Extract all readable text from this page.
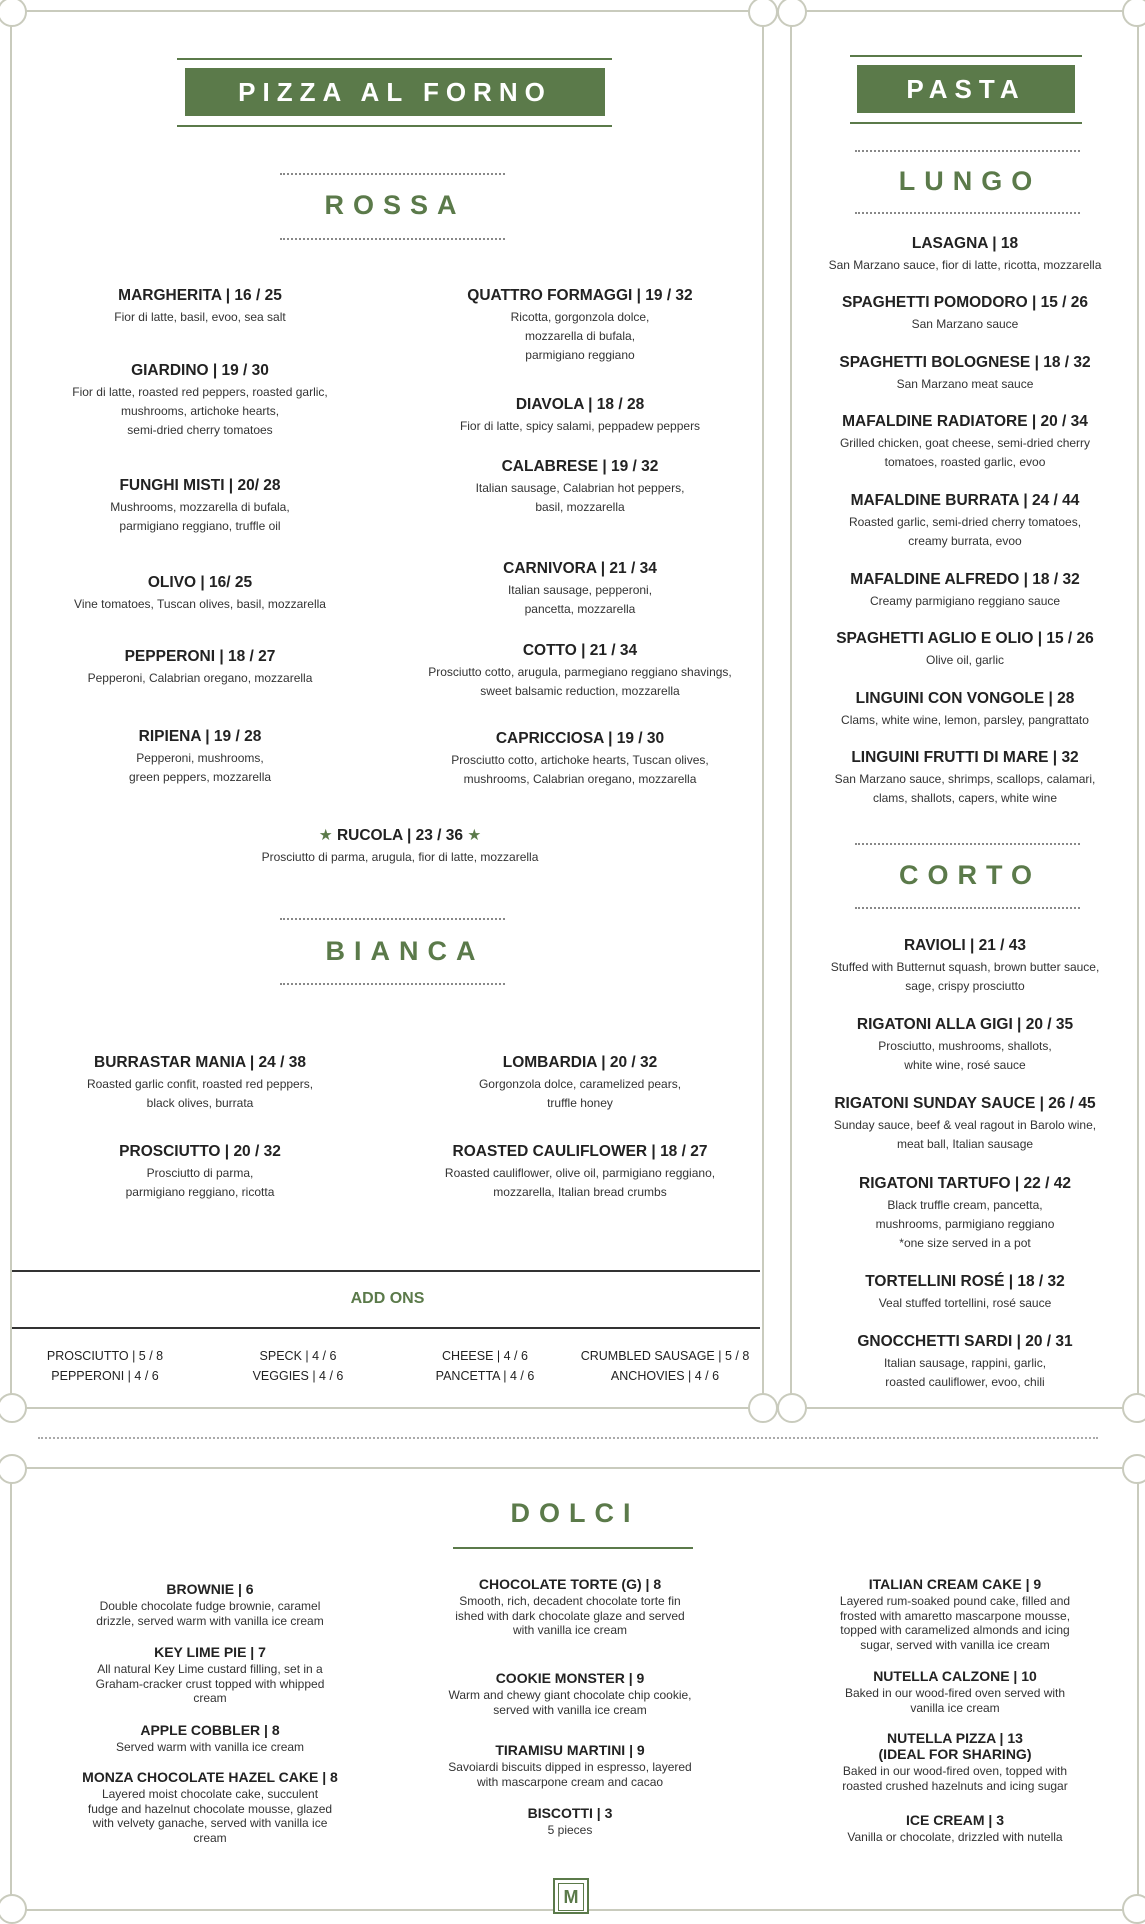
PIZZA AL FORNO
ROSSA
MARGHERITA | 16 / 25
Fior di latte, basil, evoo, sea salt
GIARDINO | 19 / 30
Fior di latte, roasted red peppers, roasted garlic,
mushrooms, artichoke hearts,
semi-dried cherry tomatoes
FUNGHI MISTI | 20/ 28
Mushrooms, mozzarella di bufala,
parmigiano reggiano, truffle oil
OLIVO | 16/ 25
Vine tomatoes, Tuscan olives, basil, mozzarella
PEPPERONI | 18 / 27
Pepperoni, Calabrian oregano, mozzarella
RIPIENA | 19 / 28
Pepperoni, mushrooms,
green peppers, mozzarella
QUATTRO FORMAGGI | 19 / 32
Ricotta, gorgonzola dolce,
mozzarella di bufala,
parmigiano reggiano
DIAVOLA | 18 / 28
Fior di latte, spicy salami, peppadew peppers
CALABRESE | 19 / 32
Italian sausage, Calabrian hot peppers,
basil, mozzarella
CARNIVORA | 21 / 34
Italian sausage, pepperoni,
pancetta, mozzarella
COTTO | 21 / 34
Prosciutto cotto, arugula, parmegiano reggiano shavings,
sweet balsamic reduction, mozzarella
CAPRICCIOSA | 19 / 30
Prosciutto cotto, artichoke hearts, Tuscan olives,
mushrooms, Calabrian oregano, mozzarella
★ RUCOLA | 23 / 36 ★
Prosciutto di parma, arugula, fior di latte, mozzarella
BIANCA
BURRASTAR MANIA | 24 / 38
Roasted garlic confit, roasted red peppers,
black olives, burrata
PROSCIUTTO | 20 / 32
Prosciutto di parma,
parmigiano reggiano, ricotta
LOMBARDIA | 20 / 32
Gorgonzola dolce, caramelized pears,
truffle honey
ROASTED CAULIFLOWER | 18 / 27
Roasted cauliflower, olive oil, parmigiano reggiano,
mozzarella, Italian bread crumbs
ADD ONS
PROSCIUTTO | 5 / 8
PEPPERONI | 4 / 6
SPECK | 4 / 6
VEGGIES | 4 / 6
CHEESE | 4 / 6
PANCETTA | 4 / 6
CRUMBLED SAUSAGE | 5 / 8
ANCHOVIES | 4 / 6
PASTA
LUNGO
LASAGNA | 18
San Marzano sauce, fior di latte, ricotta, mozzarella
SPAGHETTI POMODORO | 15 / 26
San Marzano sauce
SPAGHETTI BOLOGNESE | 18 / 32
San Marzano meat sauce
MAFALDINE RADIATORE | 20 / 34
Grilled chicken, goat cheese, semi-dried cherry
tomatoes, roasted garlic, evoo
MAFALDINE BURRATA | 24 / 44
Roasted garlic, semi-dried cherry tomatoes,
creamy burrata, evoo
MAFALDINE ALFREDO | 18 / 32
Creamy parmigiano reggiano sauce
SPAGHETTI AGLIO E OLIO | 15 / 26
Olive oil, garlic
LINGUINI CON VONGOLE | 28
Clams, white wine, lemon, parsley, pangrattato
LINGUINI FRUTTI DI MARE | 32
San Marzano sauce, shrimps, scallops, calamari,
clams, shallots, capers, white wine
CORTO
RAVIOLI | 21 / 43
Stuffed with Butternut squash, brown butter sauce,
sage, crispy prosciutto
RIGATONI ALLA GIGI | 20 / 35
Prosciutto, mushrooms, shallots,
white wine, rosé sauce
RIGATONI SUNDAY SAUCE | 26 / 45
Sunday sauce, beef & veal ragout in Barolo wine,
meat ball, Italian sausage
RIGATONI TARTUFO | 22 / 42
Black truffle cream, pancetta,
mushrooms, parmigiano reggiano
*one size served in a pot
TORTELLINI ROSÉ | 18 / 32
Veal stuffed tortellini, rosé sauce
GNOCCHETTI SARDI | 20 / 31
Italian sausage, rappini, garlic,
roasted cauliflower, evoo, chili
DOLCI
BROWNIE | 6
Double chocolate fudge brownie, caramel
drizzle, served warm with vanilla ice cream
KEY LIME PIE | 7
All natural Key Lime custard filling, set in a
Graham-cracker crust topped with whipped
cream
APPLE COBBLER | 8
Served warm with vanilla ice cream
MONZA CHOCOLATE HAZEL CAKE | 8
Layered moist chocolate cake, succulent
fudge and hazelnut chocolate mousse, glazed
with velvety ganache, served with vanilla ice
cream
CHOCOLATE TORTE (G) | 8
Smooth, rich, decadent chocolate torte fin
ished with dark chocolate glaze and served
with vanilla ice cream
COOKIE MONSTER | 9
Warm and chewy giant chocolate chip cookie,
served with vanilla ice cream
TIRAMISU MARTINI | 9
Savoiardi biscuits dipped in espresso, layered
with mascarpone cream and cacao
BISCOTTI | 3
5 pieces
ITALIAN CREAM CAKE | 9
Layered rum-soaked pound cake, filled and
frosted with amaretto mascarpone mousse,
topped with caramelized almonds and icing
sugar, served with vanilla ice cream
NUTELLA CALZONE | 10
Baked in our wood-fired oven served with
vanilla ice cream
NUTELLA PIZZA | 13
(IDEAL FOR SHARING)
Baked in our wood-fired oven, topped with
roasted crushed hazelnuts and icing sugar
ICE CREAM | 3
Vanilla or chocolate, drizzled with nutella
M
